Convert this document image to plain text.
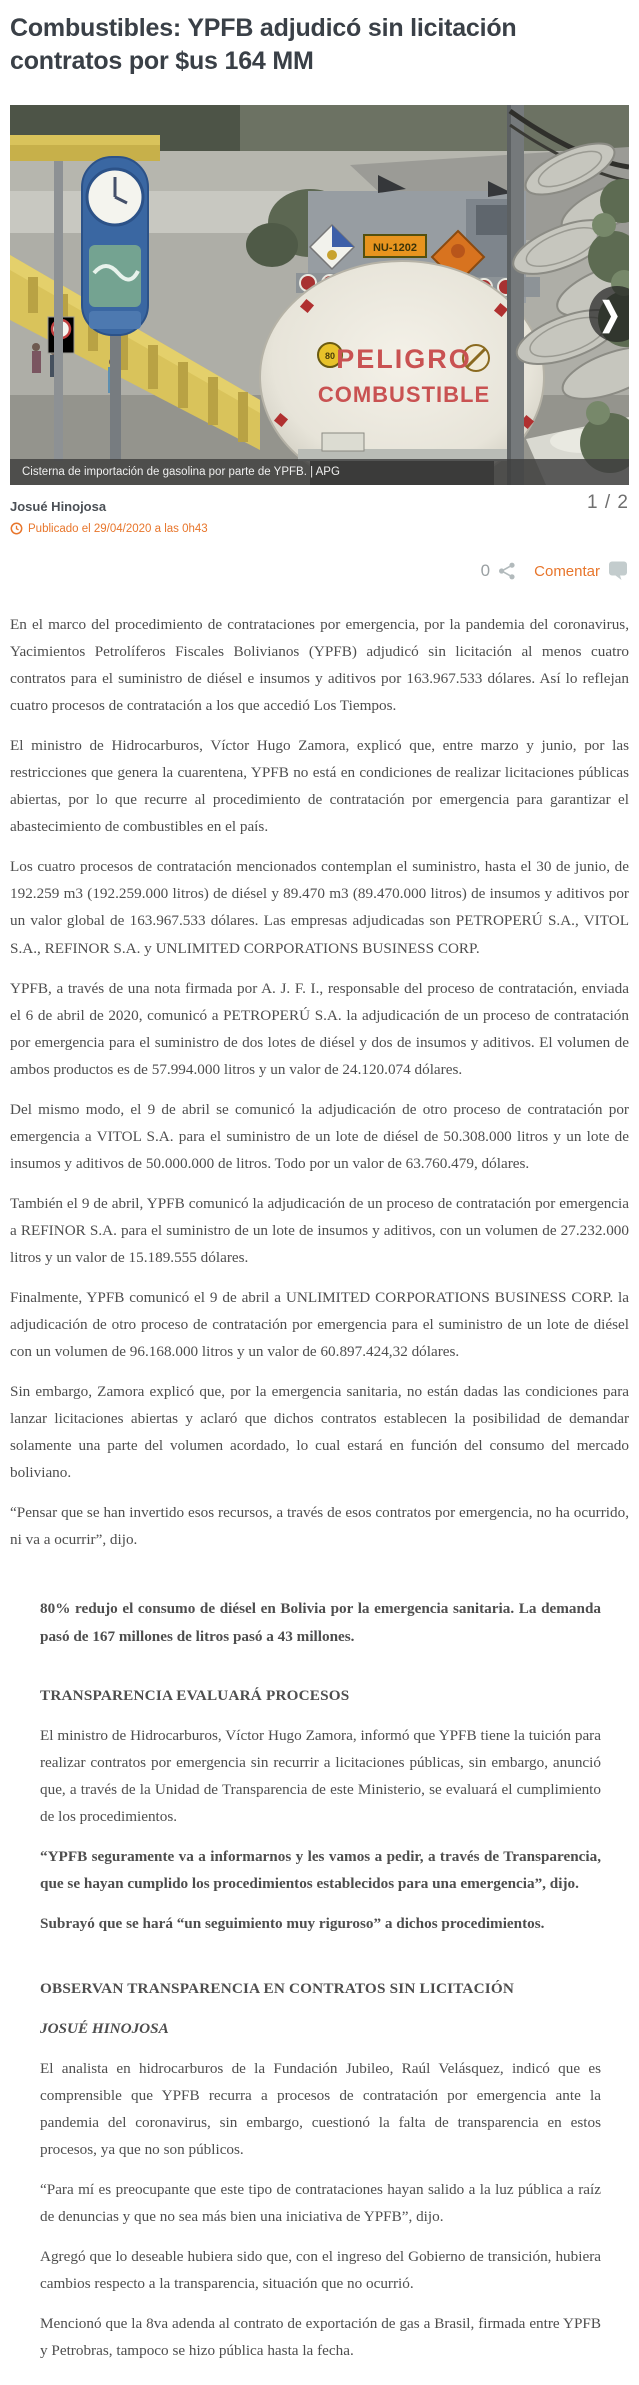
Combustibles: YPFB adjudicó sin licitación contratos por $us 164 MM
NU-1202
80 PELIGRO
COMBUSTIBLE
Cisterna de importación de gasolina por parte de YPFB. | APG
❯
Josué Hinojosa
Publicado el 29/04/2020 a las 0h43
1 / 2
0	Comentar

En el marco del procedimiento de contrataciones por emergencia, por la pandemia del coronavirus, Yacimientos Petrolíferos Fiscales Bolivianos (YPFB) adjudicó sin licitación al menos cuatro contratos para el suministro de diésel e insumos y aditivos por 163.967.533 dólares. Así lo reflejan cuatro procesos de contratación a los que accedió Los Tiempos.

El ministro de Hidrocarburos, Víctor Hugo Zamora, explicó que, entre marzo y junio, por las restricciones que genera la cuarentena, YPFB no está en condiciones de realizar licitaciones públicas abiertas, por lo que recurre al procedimiento de contratación por emergencia para garantizar el abastecimiento de combustibles en el país.

Los cuatro procesos de contratación mencionados contemplan el suministro, hasta el 30 de junio, de 192.259 m3 (192.259.000 litros) de diésel y 89.470 m3 (89.470.000 litros) de insumos y aditivos por un valor global de 163.967.533 dólares. Las empresas adjudicadas son PETROPERÚ S.A., VITOL S.A., REFINOR S.A. y UNLIMITED CORPORATIONS BUSINESS CORP.

YPFB, a través de una nota firmada por A. J. F. I., responsable del proceso de contratación, enviada el 6 de abril de 2020, comunicó a PETROPERÚ S.A. la adjudicación de un proceso de contratación por emergencia para el suministro de dos lotes de diésel y dos de insumos y aditivos. El volumen de ambos productos es de 57.994.000 litros y un valor de 24.120.074 dólares.

Del mismo modo, el 9 de abril se comunicó la adjudicación de otro proceso de contratación por emergencia a VITOL S.A. para el suministro de un lote de diésel de 50.308.000 litros y un lote de insumos y aditivos de 50.000.000 de litros. Todo por un valor de 63.760.479, dólares.

También el 9 de abril, YPFB comunicó la adjudicación de un proceso de contratación por emergencia a REFINOR S.A. para el suministro de un lote de insumos y aditivos, con un volumen de 27.232.000 litros y un valor de 15.189.555 dólares.

Finalmente, YPFB comunicó el 9 de abril a UNLIMITED CORPORATIONS BUSINESS CORP. la adjudicación de otro proceso de contratación por emergencia para el suministro de un lote de diésel con un volumen de 96.168.000 litros y un valor de 60.897.424,32 dólares.

Sin embargo, Zamora explicó que, por la emergencia sanitaria, no están dadas las condiciones para lanzar licitaciones abiertas y aclaró que dichos contratos establecen la posibilidad de demandar solamente una parte del volumen acordado, lo cual estará en función del consumo del mercado boliviano.

“Pensar que se han invertido esos recursos, a través de esos contratos por emergencia, no ha ocurrido, ni va a ocurrir”, dijo.

80% redujo el consumo de diésel en Bolivia por la emergencia sanitaria. La demanda pasó de 167 millones de litros pasó a 43 millones.

TRANSPARENCIA EVALUARÁ PROCESOS

El ministro de Hidrocarburos, Víctor Hugo Zamora, informó que YPFB tiene la tuición para realizar contratos por emergencia sin recurrir a licitaciones públicas, sin embargo, anunció que, a través de la Unidad de Transparencia de este Ministerio, se evaluará el cumplimiento de los procedimientos.

“YPFB seguramente va a informarnos y les vamos a pedir, a través de Transparencia, que se hayan cumplido los procedimientos establecidos para una emergencia”, dijo.

Subrayó que se hará “un seguimiento muy riguroso” a dichos procedimientos.

OBSERVAN TRANSPARENCIA EN CONTRATOS SIN LICITACIÓN

JOSUÉ HINOJOSA

El analista en hidrocarburos de la Fundación Jubileo, Raúl Velásquez, indicó que es comprensible que YPFB recurra a procesos de contratación por emergencia ante la pandemia del coronavirus, sin embargo, cuestionó la falta de transparencia en estos procesos, ya que no son públicos.

“Para mí es preocupante que este tipo de contrataciones hayan salido a la luz pública a raíz de denuncias y que no sea más bien una iniciativa de YPFB”, dijo.

Agregó que lo deseable hubiera sido que, con el ingreso del Gobierno de transición, hubiera cambios respecto a la transparencia, situación que no ocurrió.

Mencionó que la 8va adenda al contrato de exportación de gas a Brasil, firmada entre YPFB y Petrobras, tampoco se hizo pública hasta la fecha.
